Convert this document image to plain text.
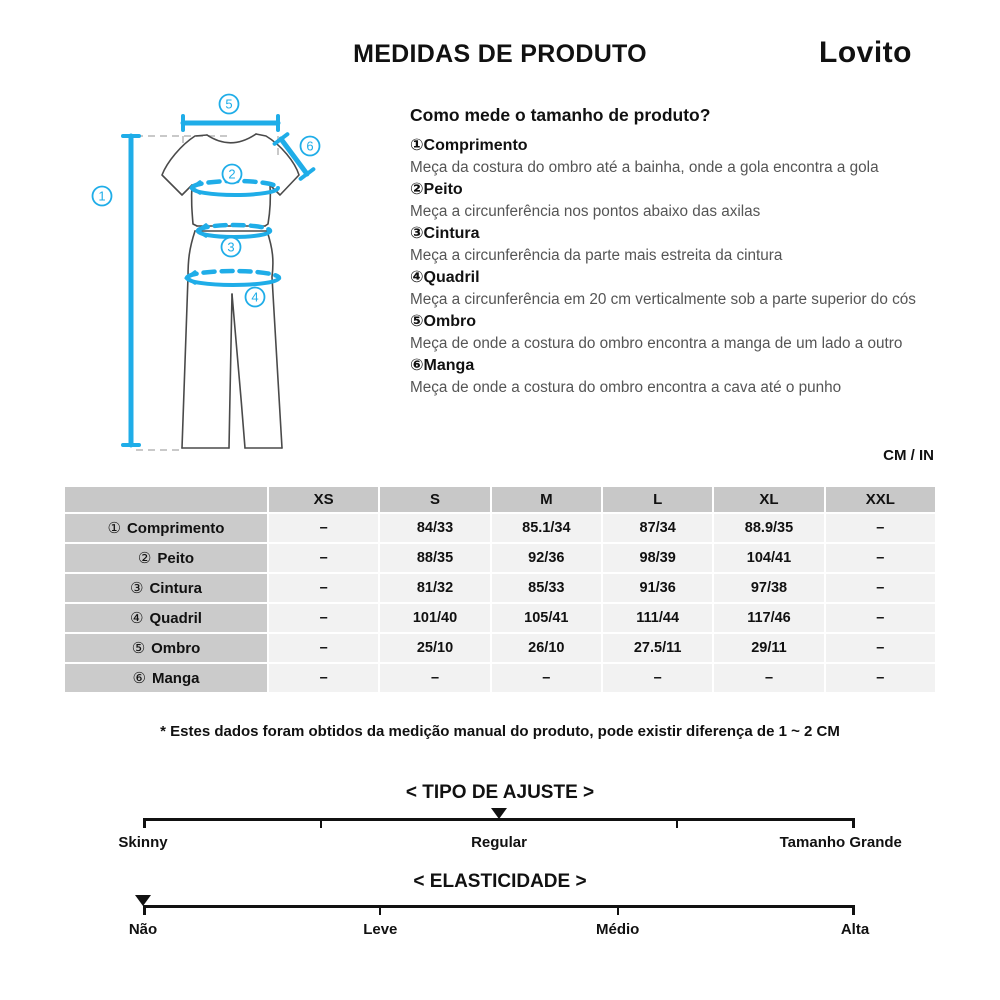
MEDIDAS DE PRODUTO	Lovito
1
2
3
4
5
6
Como mede o tamanho de produto?
①Comprimento
Meça da costura do ombro até a bainha, onde a gola encontra a gola
②Peito
Meça a circunferência nos pontos abaixo das axilas
③Cintura
Meça a circunferência da parte mais estreita da cintura
④Quadril
Meça a circunferência em 20 cm verticalmente sob a parte superior do cós
⑤Ombro
Meça de onde a costura do ombro encontra a manga de um lado a outro
⑥Manga
Meça de onde a costura do ombro encontra a cava até o punho
CM / IN
	XS	S	M	L	XL	XXL
① Comprimento	–	84/33	85.1/34	87/34	88.9/35	–
② Peito	–	88/35	92/36	98/39	104/41	–
③ Cintura	–	81/32	85/33	91/36	97/38	–
④ Quadril	–	101/40	105/41	111/44	117/46	–
⑤ Ombro	–	25/10	26/10	27.5/11	29/11	–
⑥ Manga	–	–	–	–	–	–

* Estes dados foram obtidos da medição manual do produto, pode existir diferença de 1 ~ 2 CM

< TIPO DE AJUSTE >
Skinny	Regular	Tamanho Grande
< ELASTICIDADE >
Não	Leve	Médio	Alta
